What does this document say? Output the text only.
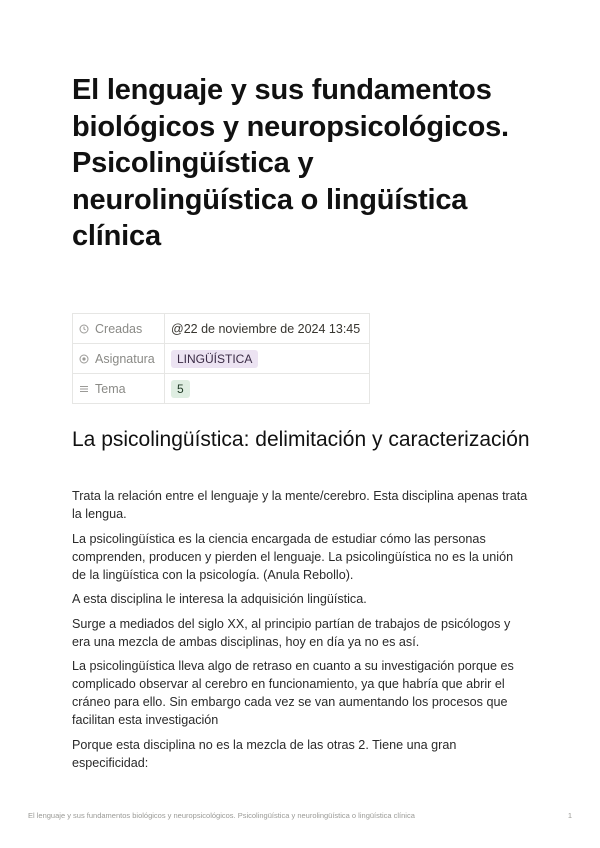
El lenguaje y sus fundamentos biológicos y neuropsicológicos. Psicolingüística y neurolingüística o lingüística clínica
Creadas	@22 de noviembre de 2024 13:45
Asignatura	LINGÜÍSTICA
Tema	5
La psicolingüística: delimitación y caracterización

Trata la relación entre el lenguaje y la mente/cerebro. Esta disciplina apenas trata la lengua.

La psicolingüística es la ciencia encargada de estudiar cómo las personas comprenden, producen y pierden el lenguaje. La psicolingüística no es la unión de la lingüística con la psicología. (Anula Rebollo).

A esta disciplina le interesa la adquisición lingüística.

Surge a mediados del siglo XX, al principio partían de trabajos de psicólogos y era una mezcla de ambas disciplinas, hoy en día ya no es así.

La psicolingüística lleva algo de retraso en cuanto a su investigación porque es complicado observar al cerebro en funcionamiento, ya que habría que abrir el cráneo para ello. Sin embargo cada vez se van aumentando los procesos que facilitan esta investigación

Porque esta disciplina no es la mezcla de las otras 2. Tiene una gran especificidad:

El lenguaje y sus fundamentos biológicos y neuropsicológicos. Psicolingüística y neurolingüística o lingüística clínica	1
